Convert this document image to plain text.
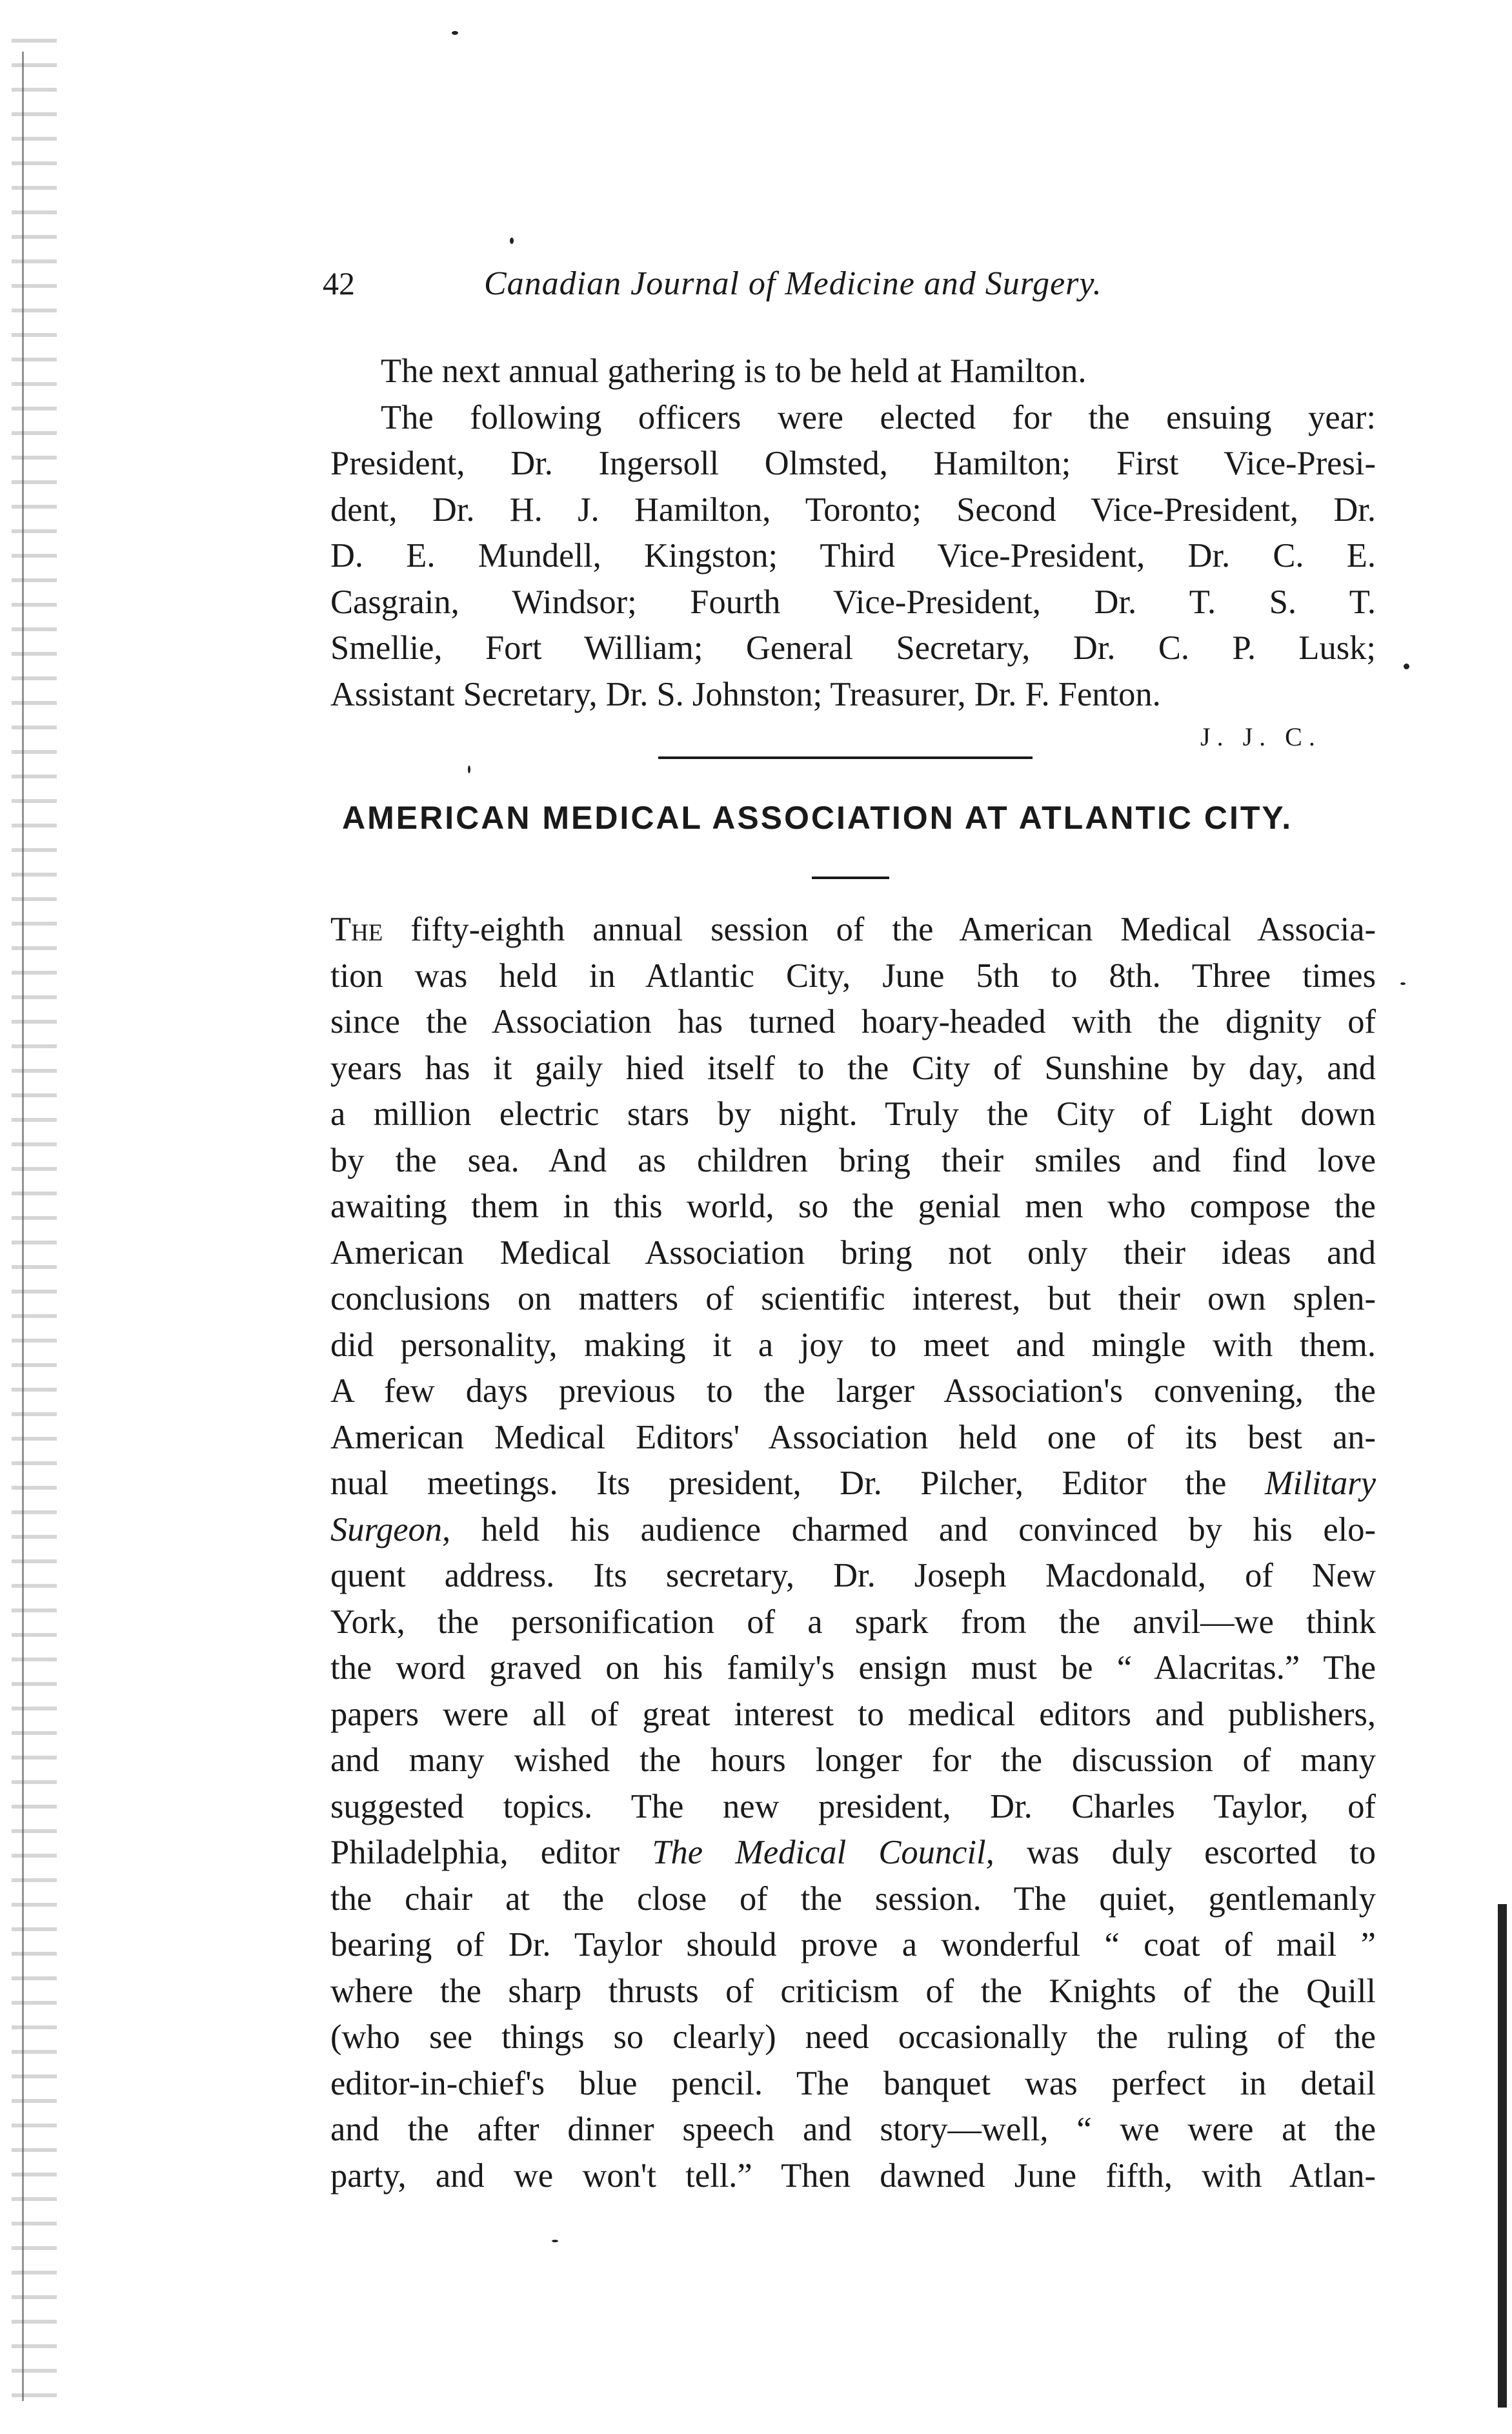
42	Canadian Journal of Medicine and Surgery.
The next annual gathering is to be held at Hamilton.
The following officers were elected for the ensuing year:
President, Dr. Ingersoll Olmsted, Hamilton; First Vice-Presi-
dent, Dr. H. J. Hamilton, Toronto; Second Vice-President, Dr.
D. E. Mundell, Kingston; Third Vice-President, Dr. C. E.
Casgrain, Windsor; Fourth Vice-President, Dr. T. S. T.
Smellie, Fort William; General Secretary, Dr. C. P. Lusk;
Assistant Secretary, Dr. S. Johnston; Treasurer, Dr. F. Fenton.
J. J. C.
AMERICAN MEDICAL ASSOCIATION AT ATLANTIC CITY.
The fifty-eighth annual session of the American Medical Associa-
tion was held in Atlantic City, June 5th to 8th. Three times
since the Association has turned hoary-headed with the dignity of
years has it gaily hied itself to the City of Sunshine by day, and
a million electric stars by night. Truly the City of Light down
by the sea. And as children bring their smiles and find love
awaiting them in this world, so the genial men who compose the
American Medical Association bring not only their ideas and
conclusions on matters of scientific interest, but their own splen-
did personality, making it a joy to meet and mingle with them.
A few days previous to the larger Association's convening, the
American Medical Editors' Association held one of its best an-
nual meetings. Its president, Dr. Pilcher, Editor the Military
Surgeon, held his audience charmed and convinced by his elo-
quent address. Its secretary, Dr. Joseph Macdonald, of New
York, the personification of a spark from the anvil—we think
the word graved on his family's ensign must be “ Alacritas.” The
papers were all of great interest to medical editors and publishers,
and many wished the hours longer for the discussion of many
suggested topics. The new president, Dr. Charles Taylor, of
Philadelphia, editor The Medical Council, was duly escorted to
the chair at the close of the session. The quiet, gentlemanly
bearing of Dr. Taylor should prove a wonderful “ coat of mail ”
where the sharp thrusts of criticism of the Knights of the Quill
(who see things so clearly) need occasionally the ruling of the
editor-in-chief's blue pencil. The banquet was perfect in detail
and the after dinner speech and story—well, “ we were at the
party, and we won't tell.” Then dawned June fifth, with Atlan-
